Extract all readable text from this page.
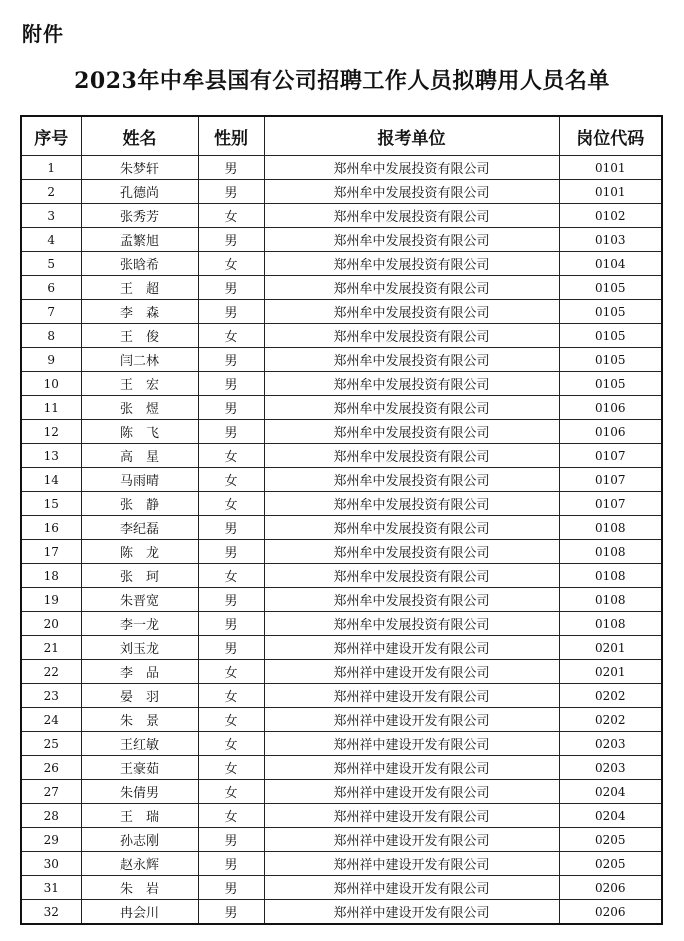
附件
2023年中牟县国有公司招聘工作人员拟聘用人员名单
序号	姓名	性别	报考单位	岗位代码
1	朱梦轩	男	郑州牟中发展投资有限公司	0101
2	孔德尚	男	郑州牟中发展投资有限公司	0101
3	张秀芳	女	郑州牟中发展投资有限公司	0102
4	孟繁旭	男	郑州牟中发展投资有限公司	0103
5	张晗希	女	郑州牟中发展投资有限公司	0104
6	王　超	男	郑州牟中发展投资有限公司	0105
7	李　森	男	郑州牟中发展投资有限公司	0105
8	王　俊	女	郑州牟中发展投资有限公司	0105
9	闫二林	男	郑州牟中发展投资有限公司	0105
10	王　宏	男	郑州牟中发展投资有限公司	0105
11	张　煜	男	郑州牟中发展投资有限公司	0106
12	陈　飞	男	郑州牟中发展投资有限公司	0106
13	高　星	女	郑州牟中发展投资有限公司	0107
14	马雨晴	女	郑州牟中发展投资有限公司	0107
15	张　静	女	郑州牟中发展投资有限公司	0107
16	李纪磊	男	郑州牟中发展投资有限公司	0108
17	陈　龙	男	郑州牟中发展投资有限公司	0108
18	张　珂	女	郑州牟中发展投资有限公司	0108
19	朱晋宽	男	郑州牟中发展投资有限公司	0108
20	李一龙	男	郑州牟中发展投资有限公司	0108
21	刘玉龙	男	郑州祥中建设开发有限公司	0201
22	李　品	女	郑州祥中建设开发有限公司	0201
23	晏　羽	女	郑州祥中建设开发有限公司	0202
24	朱　景	女	郑州祥中建设开发有限公司	0202
25	王红敏	女	郑州祥中建设开发有限公司	0203
26	王豪茹	女	郑州祥中建设开发有限公司	0203
27	朱倩男	女	郑州祥中建设开发有限公司	0204
28	王　瑞	女	郑州祥中建设开发有限公司	0204
29	孙志刚	男	郑州祥中建设开发有限公司	0205
30	赵永辉	男	郑州祥中建设开发有限公司	0205
31	朱　岩	男	郑州祥中建设开发有限公司	0206
32	冉会川	男	郑州祥中建设开发有限公司	0206
